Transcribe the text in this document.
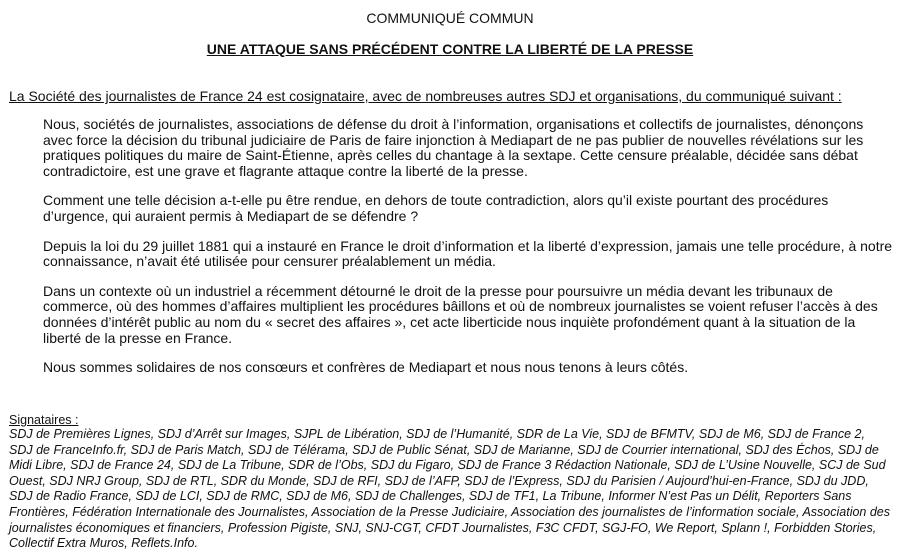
COMMUNIQUÉ COMMUN
UNE ATTAQUE SANS PRÉCÉDENT CONTRE LA LIBERTÉ DE LA PRESSE
La Société des journalistes de France 24 est cosignataire, avec de nombreuses autres SDJ et organisations, du communiqué suivant :

Nous, sociétés de journalistes, associations de défense du droit à l’information, organisations et collectifs de journalistes, dénonçons avec force la décision du tribunal judiciaire de Paris de faire injonction à Mediapart de ne pas publier de nouvelles révélations sur les pratiques politiques du maire de Saint-Étienne, après celles du chantage à la sextape. Cette censure préalable, décidée sans débat contradictoire, est une grave et flagrante attaque contre la liberté de la presse.

Comment une telle décision a-t-elle pu être rendue, en dehors de toute contradiction, alors qu’il existe pourtant des procédures d’urgence, qui auraient permis à Mediapart de se défendre ?

Depuis la loi du 29 juillet 1881 qui a instauré en France le droit d’information et la liberté d’expression, jamais une telle procédure, à notre connaissance, n’avait été utilisée pour censurer préalablement un média.

Dans un contexte où un industriel a récemment détourné le droit de la presse pour poursuivre un média devant les tribunaux de commerce, où des hommes d’affaires multiplient les procédures bâillons et où de nombreux journalistes se voient refuser l’accès à des données d’intérêt public au nom du « secret des affaires », cet acte liberticide nous inquiète profondément quant à la situation de la liberté de la presse en France.

Nous sommes solidaires de nos consœurs et confrères de Mediapart et nous nous tenons à leurs côtés.

Signataires :
SDJ de Premières Lignes, SDJ d’Arrêt sur Images, SJPL de Libération, SDJ de l’Humanité, SDR de La Vie, SDJ de BFMTV, SDJ de M6, SDJ de France 2, SDJ de FranceInfo.fr, SDJ de Paris Match, SDJ de Télérama, SDJ de Public Sénat, SDJ de Marianne, SDJ de Courrier international, SDJ des Échos, SDJ de Midi Libre, SDJ de France 24, SDJ de La Tribune, SDR de l’Obs, SDJ du Figaro, SDJ de France 3 Rédaction Nationale, SDJ de L’Usine Nouvelle, SCJ de Sud Ouest, SDJ NRJ Group, SDJ de RTL, SDR du Monde, SDJ de RFI, SDJ de l’AFP, SDJ de l’Express, SDJ du Parisien / Aujourd’hui-en-France, SDJ du JDD, SDJ de Radio France, SDJ de LCI, SDJ de RMC, SDJ de M6, SDJ de Challenges, SDJ de TF1, La Tribune, Informer N’est Pas un Délit, Reporters Sans Frontières, Fédération Internationale des Journalistes, Association de la Presse Judiciaire, Association des journalistes de l’information sociale, Association des journalistes économiques et financiers, Profession Pigiste, SNJ, SNJ-CGT, CFDT Journalistes, F3C CFDT, SGJ-FO, We Report, Splann !, Forbidden Stories, Collectif Extra Muros, Reflets.Info.
